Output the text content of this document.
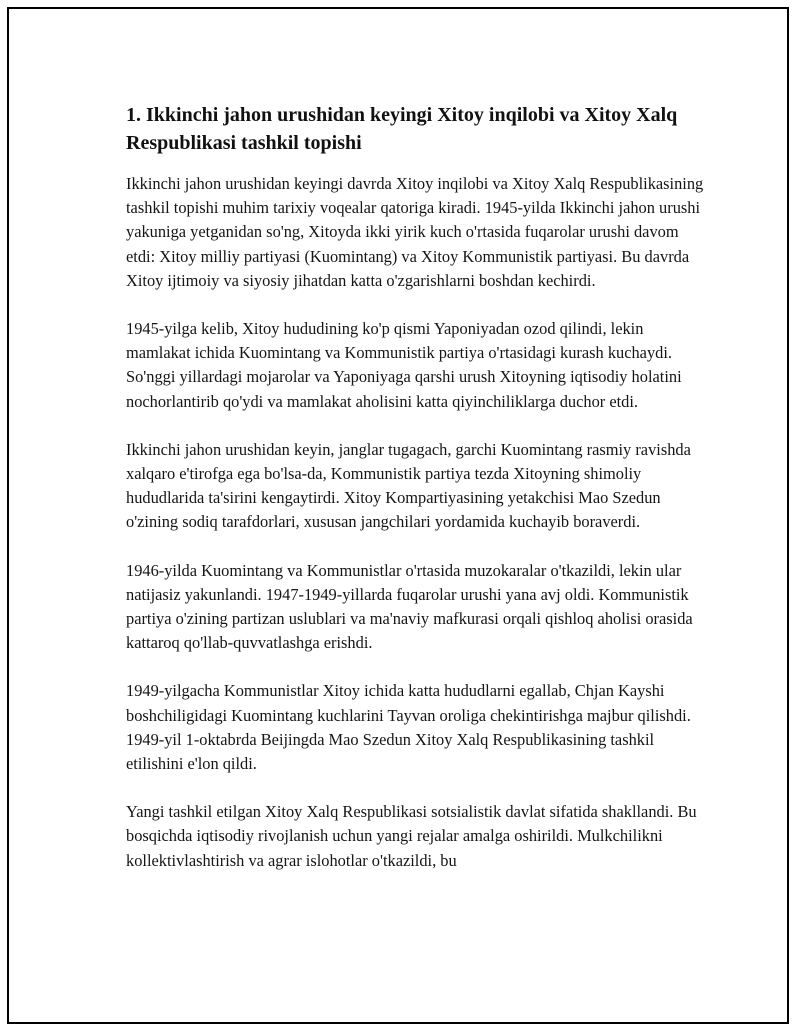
1. Ikkinchi jahon urushidan keyingi Xitoy inqilobi va Xitoy Xalq Respublikasi tashkil topishi

Ikkinchi jahon urushidan keyingi davrda Xitoy inqilobi va Xitoy Xalq Respublikasining tashkil topishi muhim tarixiy voqealar qatoriga kiradi. 1945-yilda Ikkinchi jahon urushi yakuniga yetganidan so'ng, Xitoyda ikki yirik kuch o'rtasida fuqarolar urushi davom etdi: Xitoy milliy partiyasi (Kuomintang) va Xitoy Kommunistik partiyasi. Bu davrda Xitoy ijtimoiy va siyosiy jihatdan katta o'zgarishlarni boshdan kechirdi.

1945-yilga kelib, Xitoy hududining ko'p qismi Yaponiyadan ozod qilindi, lekin mamlakat ichida Kuomintang va Kommunistik partiya o'rtasidagi kurash kuchaydi. So'nggi yillardagi mojarolar va Yaponiyaga qarshi urush Xitoyning iqtisodiy holatini nochorlantirib qo'ydi va mamlakat aholisini katta qiyinchiliklarga duchor etdi.

Ikkinchi jahon urushidan keyin, janglar tugagach, garchi Kuomintang rasmiy ravishda xalqaro e'tirofga ega bo'lsa-da, Kommunistik partiya tezda Xitoyning shimoliy hududlarida ta'sirini kengaytirdi. Xitoy Kompartiyasining yetakchisi Mao Szedun o'zining sodiq tarafdorlari, xususan jangchilari yordamida kuchayib boraverdi.

1946-yilda Kuomintang va Kommunistlar o'rtasida muzokaralar o'tkazildi, lekin ular natijasiz yakunlandi. 1947-1949-yillarda fuqarolar urushi yana avj oldi. Kommunistik partiya o'zining partizan uslublari va ma'naviy mafkurasi orqali qishloq aholisi orasida kattaroq qo'llab-quvvatlashga erishdi.

1949-yilgacha Kommunistlar Xitoy ichida katta hududlarni egallab, Chjan Kayshi boshchiligidagi Kuomintang kuchlarini Tayvan oroliga chekintirishga majbur qilishdi. 1949-yil 1-oktabrda Beijingda Mao Szedun Xitoy Xalq Respublikasining tashkil etilishini e'lon qildi.

Yangi tashkil etilgan Xitoy Xalq Respublikasi sotsialistik davlat sifatida shakllandi. Bu bosqichda iqtisodiy rivojlanish uchun yangi rejalar amalga oshirildi. Mulkchilikni kollektivlashtirish va agrar islohotlar o'tkazildi, bu
